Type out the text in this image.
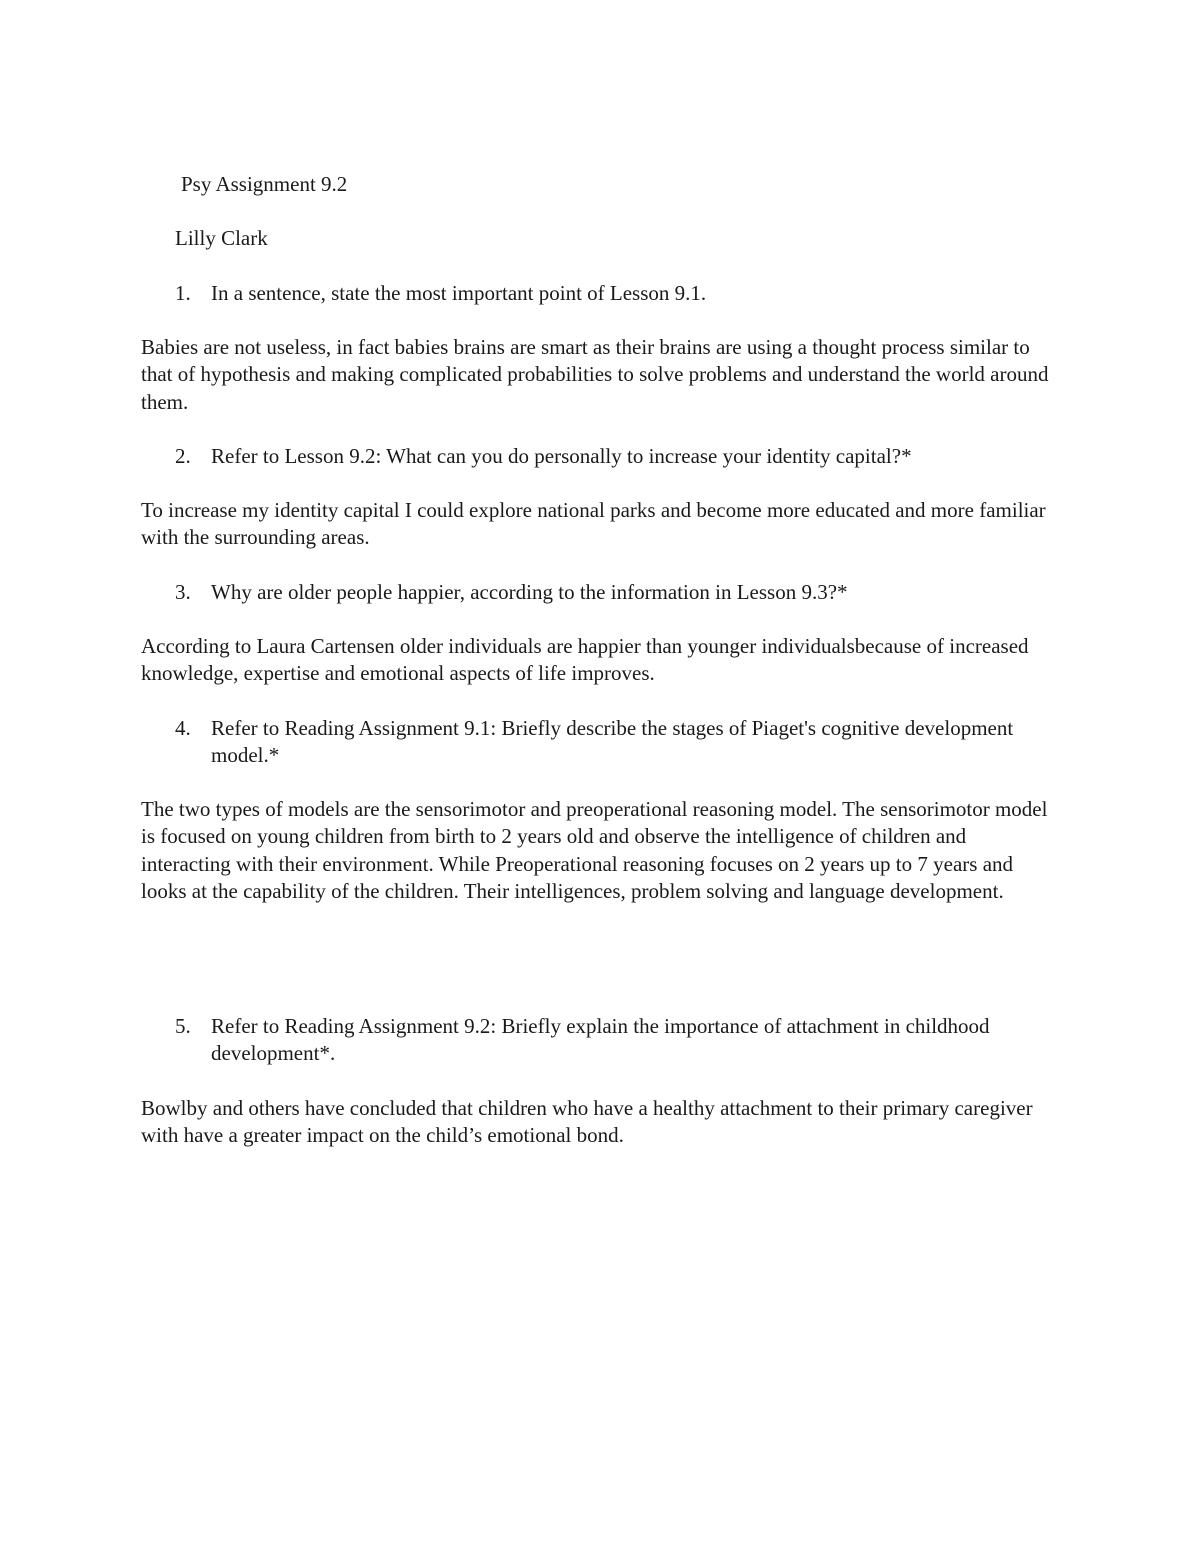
Psy Assignment 9.2
Lilly Clark
1. In a sentence, state the most important point of Lesson 9.1.
Babies are not useless, in fact babies brains are smart as their brains are using a thought process similar to that of hypothesis and making complicated probabilities to solve problems and understand the world around them.
2. Refer to Lesson 9.2: What can you do personally to increase your identity capital?*
To increase my identity capital I could explore national parks and become more educated and more familiar with the surrounding areas.
3. Why are older people happier, according to the information in Lesson 9.3?*
According to Laura Cartensen older individuals are happier than younger individualsbecause of increased knowledge, expertise and emotional aspects of life improves.
4. Refer to Reading Assignment 9.1: Briefly describe the stages of Piaget's cognitive development model.*
The two types of models are the sensorimotor and preoperational reasoning model. The sensorimotor model is focused on young children from birth to 2 years old and observe the intelligence of children and interacting with their environment. While Preoperational reasoning focuses on 2 years up to 7 years and looks at the capability of the children. Their intelligences, problem solving and language development.
5. Refer to Reading Assignment 9.2: Briefly explain the importance of attachment in childhood development*.
Bowlby and others have concluded that children who have a healthy attachment to their primary caregiver with have a greater impact on the child’s emotional bond.
